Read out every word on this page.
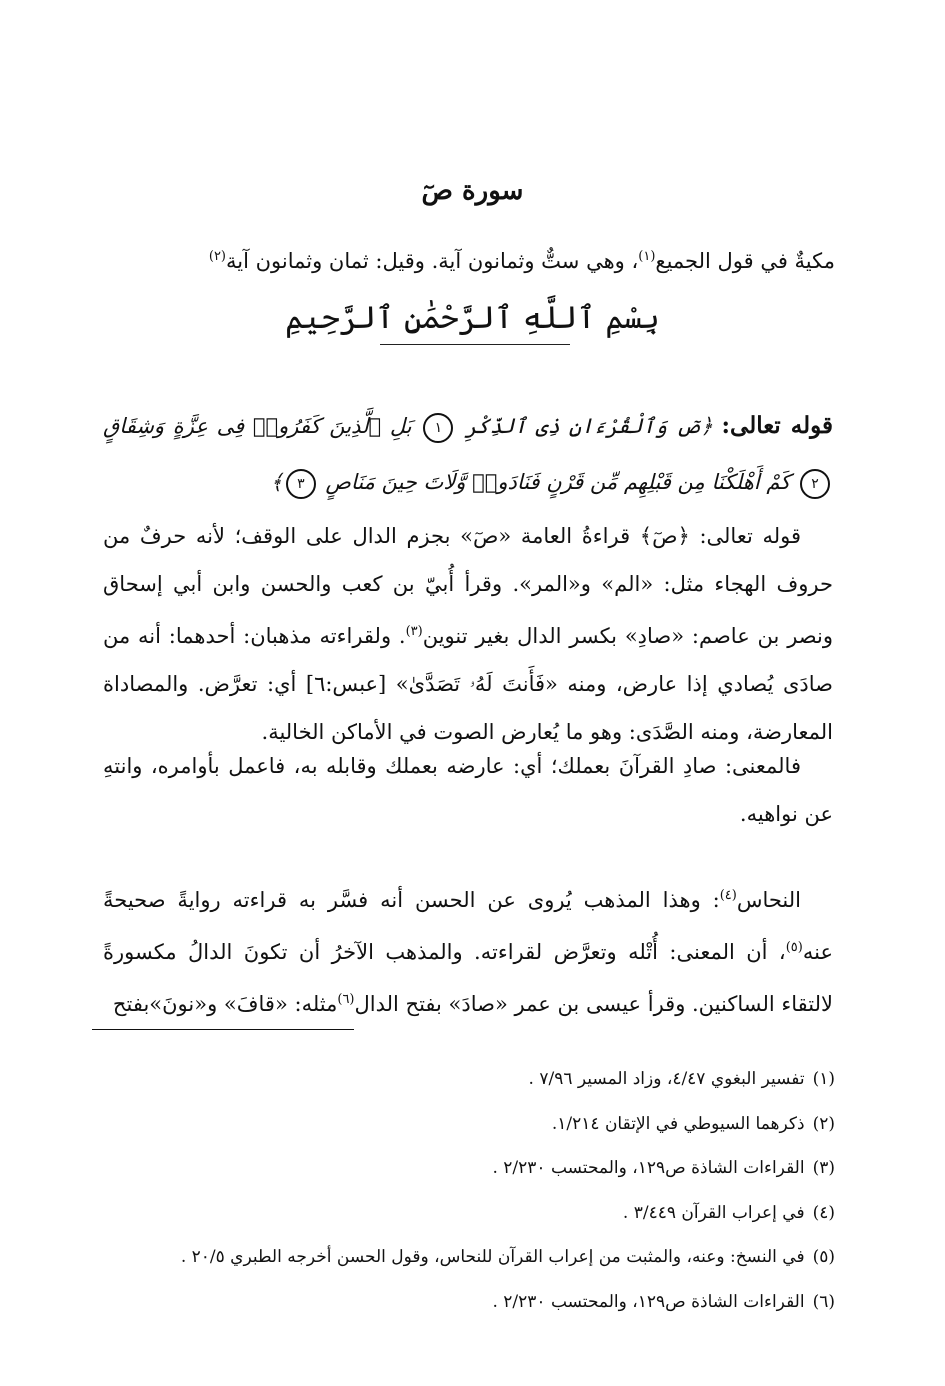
سورة صٓ
مكيةٌ في قول الجميع$^{(١)}$، وهي ستٌّ وثمانون آية. وقيل: ثمان وثمانون آية$^{(٢)}$
بِسْمِ ٱللَّهِ ٱلرَّحْمَٰنِ ٱلرَّحِيمِ
قوله تعالى: ﴿صٓ وَٱلْقُرْءَانِ ذِى ٱلذِّكْرِ ١ بَلِ ٱلَّذِينَ كَفَرُوا۟ فِى عِزَّةٍ وَشِقَاقٍ ٢ كَمْ أَهْلَكْنَا مِن قَبْلِهِم مِّن قَرْنٍ فَنَادَوا۟ وَّلَاتَ حِينَ مَنَاصٍ ٣﴾

قوله تعالى: ﴿صٓ﴾ قراءةُ العامة «صٓ» بجزم الدال على الوقف؛ لأنه حرفٌ من حروف الهجاء مثل: «الم» و«المر». وقرأ أُبيّ بن كعب والحسن وابن أبي إسحاق ونصر بن عاصم: «صادِ» بكسر الدال بغير تنوين$^{(٣)}$. ولقراءته مذهبان: أحدهما: أنه من صادَى يُصادي إذا عارض، ومنه «فَأَنتَ لَهُۥ تَصَدَّىٰ» [عبس:٦] أي: تعرَّض. والمصاداة المعارضة، ومنه الصَّدَى: وهو ما يُعارض الصوت في الأماكن الخالية.

فالمعنى: صادِ القرآنَ بعملك؛ أي: عارضه بعملك وقابله به، فاعمل بأوامره، وانتهِ عن نواهيه.

النحاس$^{(٤)}$: وهذا المذهب يُروى عن الحسن أنه فسَّر به قراءته روايةً صحيحةً عنه$^{(٥)}$، أن المعنى: أُتْله وتعرَّض لقراءته. والمذهب الآخرُ أن تكونَ الدالُ مكسورةً لالتقاء الساكنين. وقرأ عيسى بن عمر «صادَ» بفتح الدال$^{(٦)}$مثله: «قافَ» و«نونَ»بفتح

(١)تفسير البغوي ٤/٤٧، وزاد المسير ٧/٩٦ .
(٢)ذكرهما السيوطي في الإتقان ١/٢١٤.
(٣)القراءات الشاذة ص١٢٩، والمحتسب ٢/٢٣٠ .
(٤)في إعراب القرآن ٣/٤٤٩ .
(٥)في النسخ: وعنه، والمثبت من إعراب القرآن للنحاس، وقول الحسن أخرجه الطبري ٢٠/٥ .
(٦)القراءات الشاذة ص١٢٩، والمحتسب ٢/٢٣٠ .
